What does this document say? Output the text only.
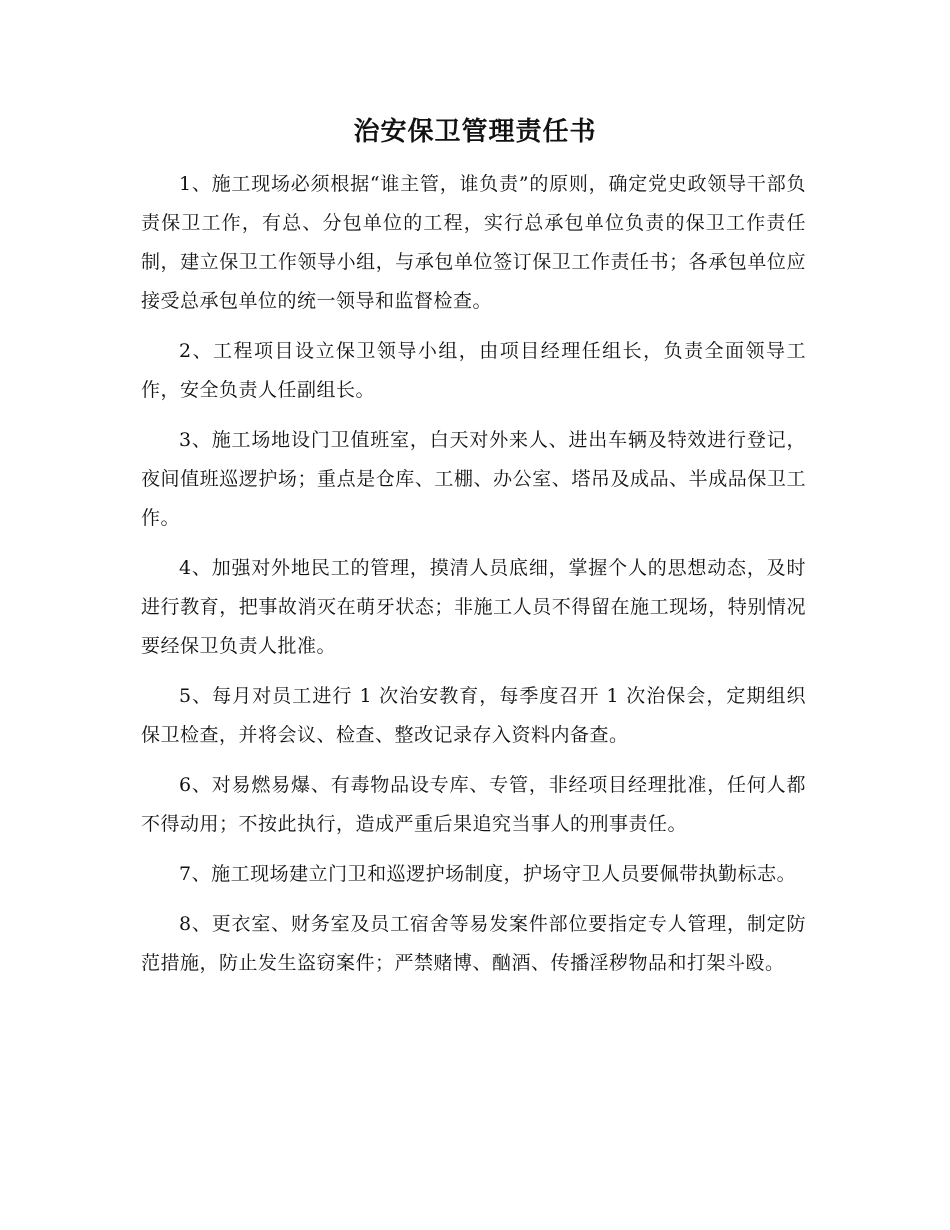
治安保卫管理责任书

1、施工现场必须根据“谁主管，谁负责”的原则，确定党史政领导干部负责保卫工作，有总、分包单位的工程，实行总承包单位负责的保卫工作责任制，建立保卫工作领导小组，与承包单位签订保卫工作责任书；各承包单位应接受总承包单位的统一领导和监督检查。

2、工程项目设立保卫领导小组，由项目经理任组长，负责全面领导工作，安全负责人任副组长。

3、施工场地设门卫值班室，白天对外来人、进出车辆及特效进行登记，夜间值班巡逻护场；重点是仓库、工棚、办公室、塔吊及成品、半成品保卫工作。

4、加强对外地民工的管理，摸清人员底细，掌握个人的思想动态，及时进行教育，把事故消灭在萌牙状态；非施工人员不得留在施工现场，特别情况要经保卫负责人批准。

5、每月对员工进行 1 次治安教育，每季度召开 1 次治保会，定期组织保卫检查，并将会议、检查、整改记录存入资料内备查。

6、对易燃易爆、有毒物品设专库、专管，非经项目经理批准，任何人都不得动用；不按此执行，造成严重后果追究当事人的刑事责任。

7、施工现场建立门卫和巡逻护场制度，护场守卫人员要佩带执勤标志。

8、更衣室、财务室及员工宿舍等易发案件部位要指定专人管理，制定防范措施，防止发生盗窃案件；严禁赌博、酗酒、传播淫秽物品和打架斗殴。
